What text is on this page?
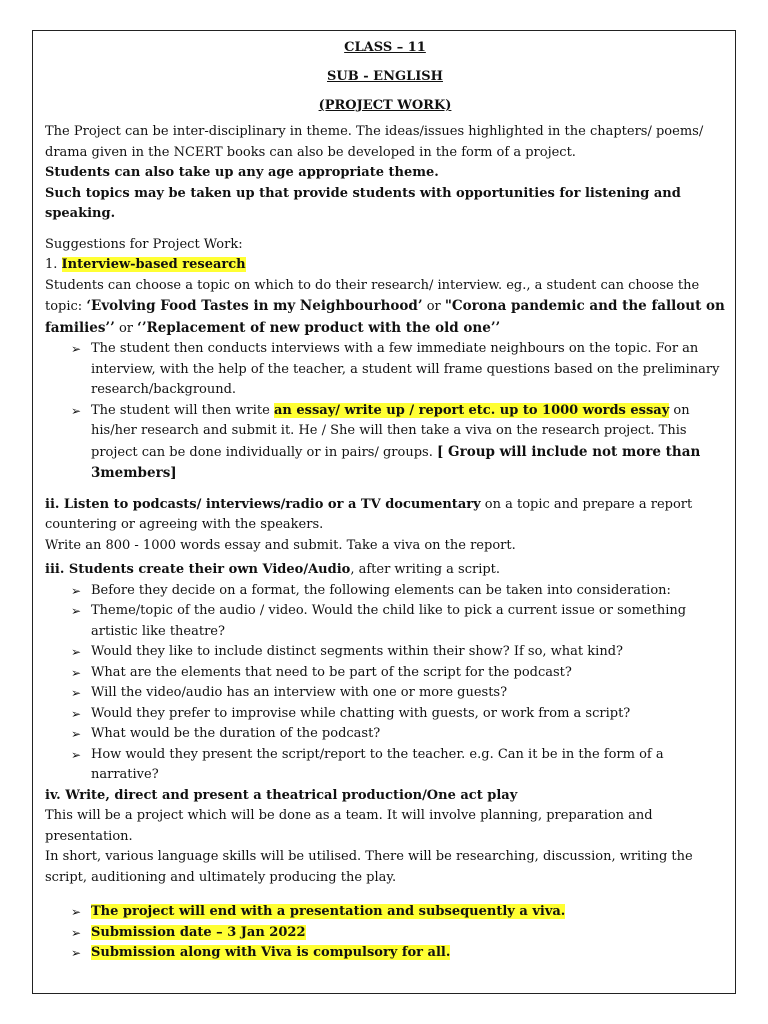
CLASS – 11
SUB - ENGLISH
(PROJECT WORK)

The Project can be inter-disciplinary in theme. The ideas/issues highlighted in the chapters/ poems/ drama given in the NCERT books can also be developed in the form of a project.

Students can also take up any age appropriate theme.

Such topics may be taken up that provide students with opportunities for listening and speaking.

Suggestions for Project Work:

1. Interview-based research

Students can choose a topic on which to do their research/ interview. eg., a student can choose the topic: ‘Evolving Food Tastes in my Neighbourhood’ or "Corona pandemic and the fallout on families’’ or ‘’Replacement of new product with the old one’’

➢ The student then conducts interviews with a few immediate neighbours on the topic. For an interview, with the help of the teacher, a student will frame questions based on the preliminary research/background.
➢ The student will then write an essay/ write up / report etc. up to 1000 words essay on his/her research and submit it. He / She will then take a viva on the research project. This project can be done individually or in pairs/ groups. [ Group will include not more than 3members]

ii. Listen to podcasts/ interviews/radio or a TV documentary on a topic and prepare a report countering or agreeing with the speakers.

Write an 800 - 1000 words essay and submit. Take a viva on the report.

iii. Students create their own Video/Audio, after writing a script.

➢ Before they decide on a format, the following elements can be taken into consideration:
➢ Theme/topic of the audio / video. Would the child like to pick a current issue or something artistic like theatre?
➢ Would they like to include distinct segments within their show? If so, what kind?
➢ What are the elements that need to be part of the script for the podcast?
➢ Will the video/audio has an interview with one or more guests?
➢ Would they prefer to improvise while chatting with guests, or work from a script?
➢ What would be the duration of the podcast?
➢ How would they present the script/report to the teacher. e.g. Can it be in the form of a narrative?

iv. Write, direct and present a theatrical production/One act play

This will be a project which will be done as a team. It will involve planning, preparation and presentation.

In short, various language skills will be utilised. There will be researching, discussion, writing the script, auditioning and ultimately producing the play.

➢ The project will end with a presentation and subsequently a viva.
➢ Submission date – 3 Jan 2022
➢ Submission along with Viva is compulsory for all.
